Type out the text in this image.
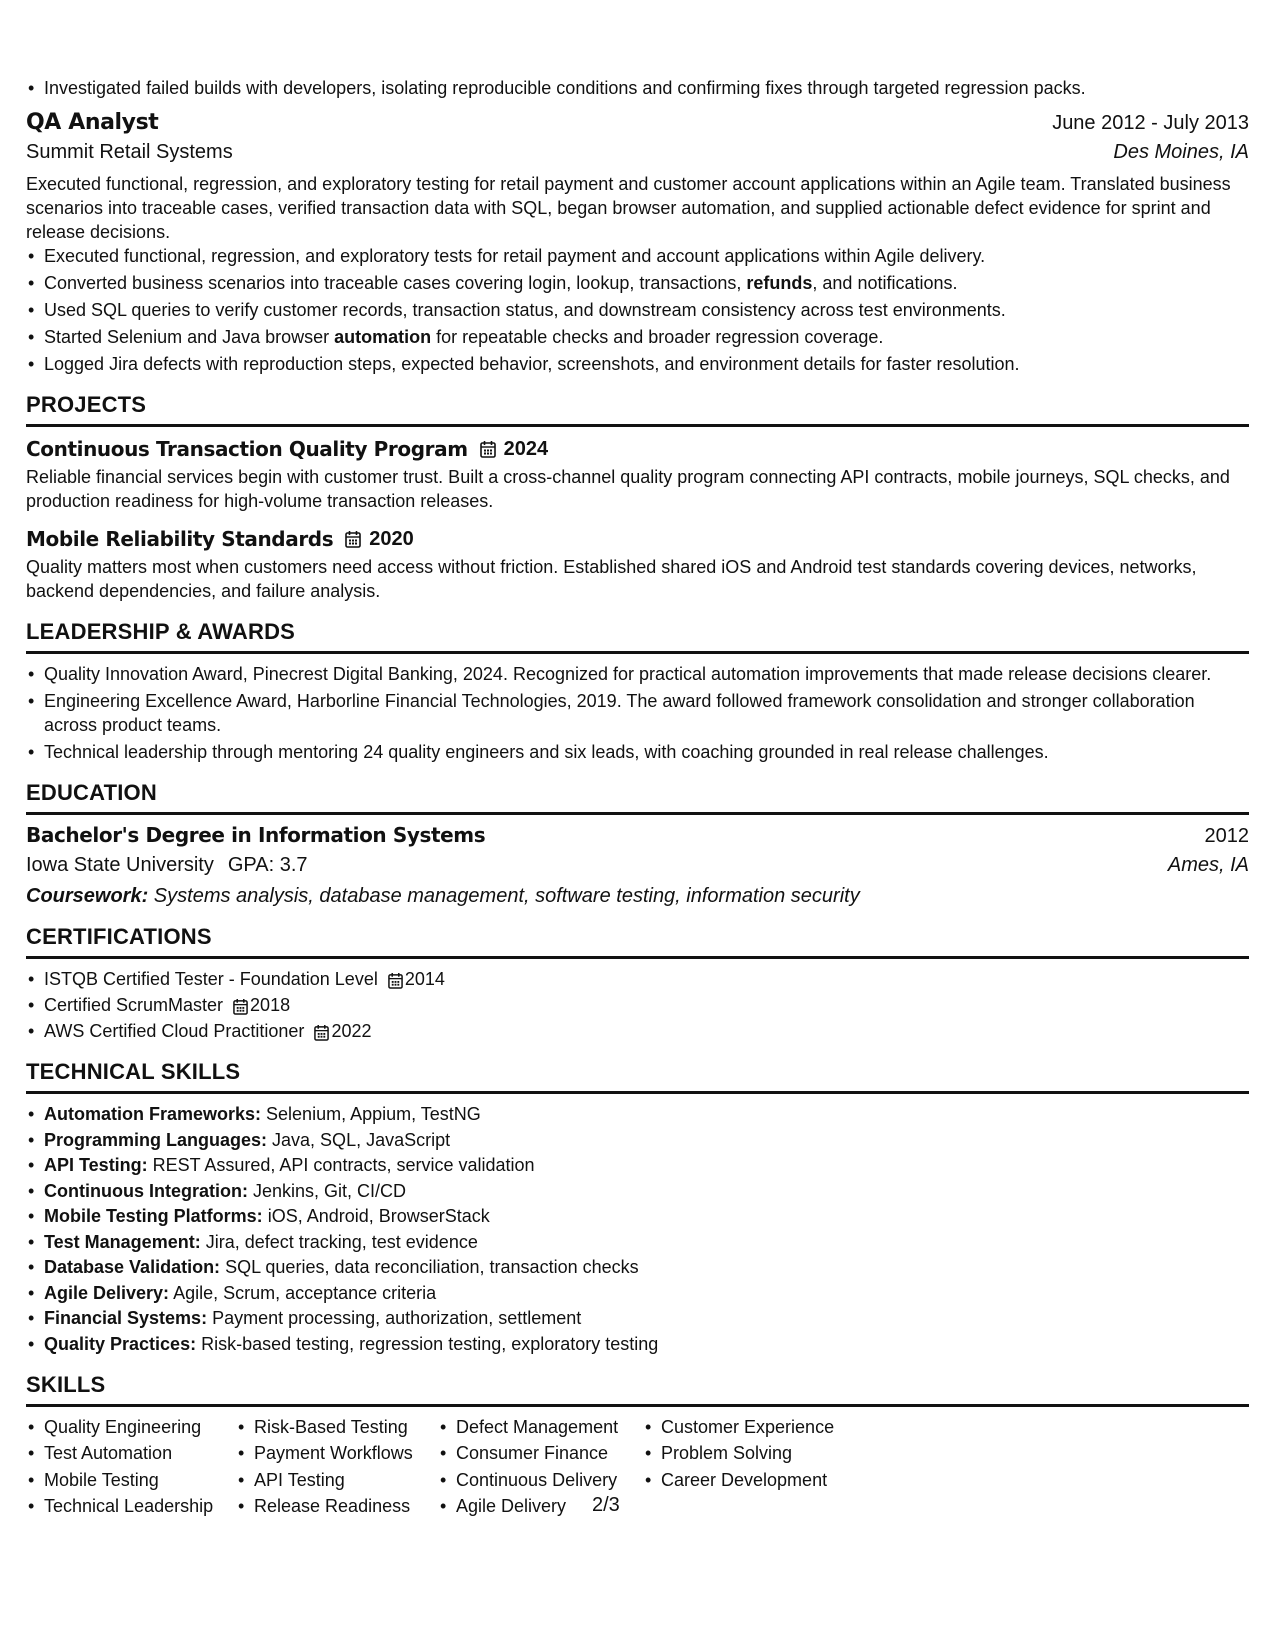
• Investigated failed builds with developers, isolating reproducible conditions and confirming fixes through targeted regression packs.
QA Analyst	June 2012 - July 2013
Summit Retail Systems	Des Moines, IA
Executed functional, regression, and exploratory testing for retail payment and customer account applications within an Agile team. Translated business scenarios into traceable cases, verified transaction data with SQL, began browser automation, and supplied actionable defect evidence for sprint and release decisions.
• Executed functional, regression, and exploratory tests for retail payment and account applications within Agile delivery.
• Converted business scenarios into traceable cases covering login, lookup, transactions, refunds, and notifications.
• Used SQL queries to verify customer records, transaction status, and downstream consistency across test environments.
• Started Selenium and Java browser automation for repeatable checks and broader regression coverage.
• Logged Jira defects with reproduction steps, expected behavior, screenshots, and environment details for faster resolution.
PROJECTS
Continuous Transaction Quality Program 2024
Reliable financial services begin with customer trust. Built a cross-channel quality program connecting API contracts, mobile journeys, SQL checks, and production readiness for high-volume transaction releases.
Mobile Reliability Standards 2020
Quality matters most when customers need access without friction. Established shared iOS and Android test standards covering devices, networks, backend dependencies, and failure analysis.
LEADERSHIP & AWARDS
• Quality Innovation Award, Pinecrest Digital Banking, 2024. Recognized for practical automation improvements that made release decisions clearer.
• Engineering Excellence Award, Harborline Financial Technologies, 2019. The award followed framework consolidation and stronger collaboration across product teams.
• Technical leadership through mentoring 24 quality engineers and six leads, with coaching grounded in real release challenges.
EDUCATION
Bachelor's Degree in Information Systems	2012
Iowa State University GPA: 3.7	Ames, IA
Coursework: Systems analysis, database management, software testing, information security
CERTIFICATIONS
• ISTQB Certified Tester - Foundation Level 2014
• Certified ScrumMaster 2018
• AWS Certified Cloud Practitioner 2022
TECHNICAL SKILLS
• Automation Frameworks: Selenium, Appium, TestNG
• Programming Languages: Java, SQL, JavaScript
• API Testing: REST Assured, API contracts, service validation
• Continuous Integration: Jenkins, Git, CI/CD
• Mobile Testing Platforms: iOS, Android, BrowserStack
• Test Management: Jira, defect tracking, test evidence
• Database Validation: SQL queries, data reconciliation, transaction checks
• Agile Delivery: Agile, Scrum, acceptance criteria
• Financial Systems: Payment processing, authorization, settlement
• Quality Practices: Risk-based testing, regression testing, exploratory testing
SKILLS
• Quality Engineering
• Test Automation
• Mobile Testing
• Technical Leadership
• Risk-Based Testing
• Payment Workflows
• API Testing
• Release Readiness
• Defect Management
• Consumer Finance
• Continuous Delivery
• Agile Delivery
• Customer Experience
• Problem Solving
• Career Development
2/3
